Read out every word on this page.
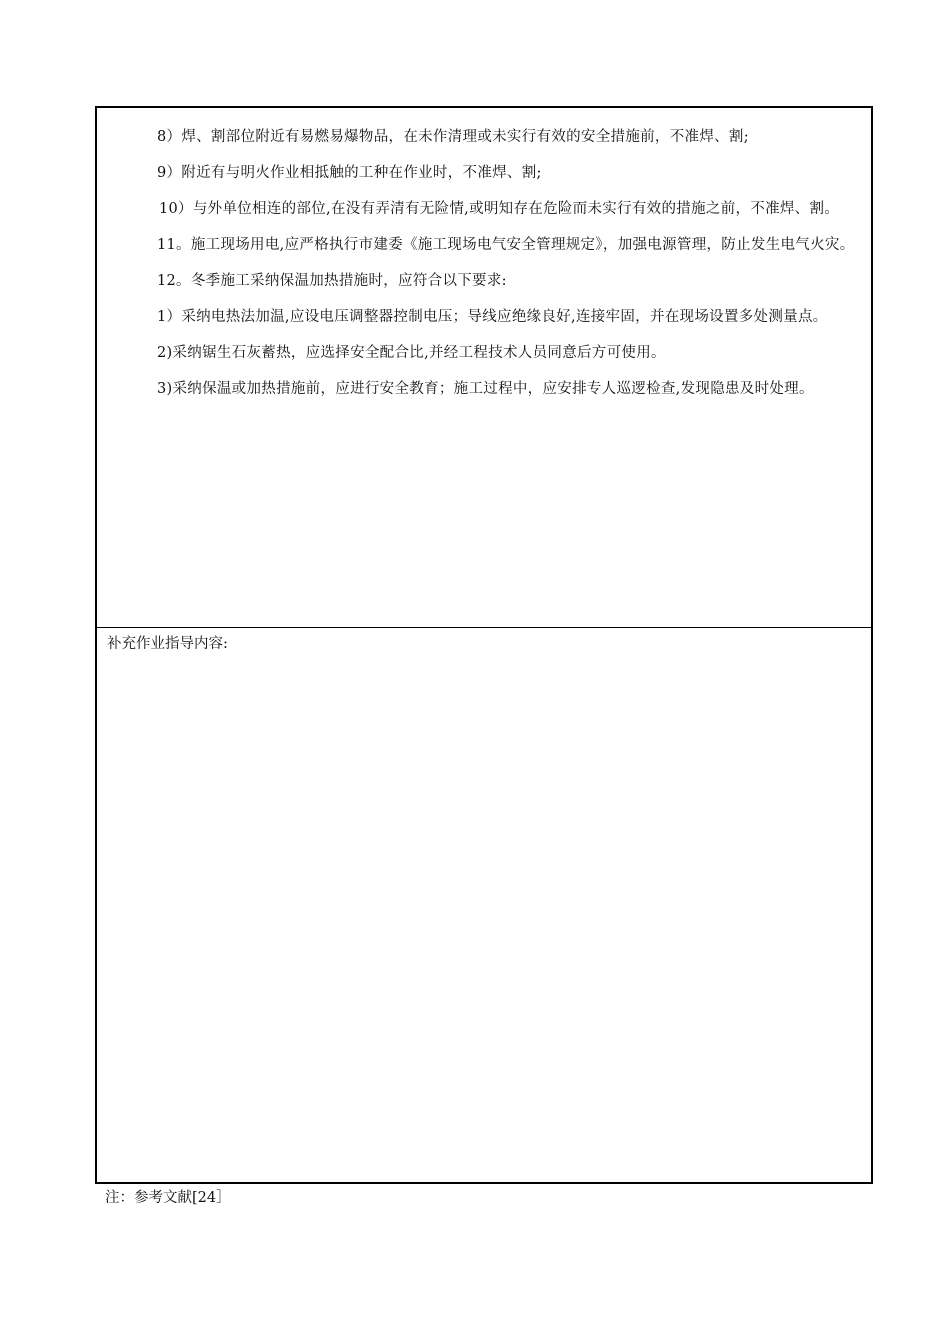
8）焊、割部位附近有易燃易爆物品，在未作清理或未实行有效的安全措施前，不准焊、割;

9）附近有与明火作业相抵触的工种在作业时，不准焊、割;

10）与外单位相连的部位,在没有弄清有无险情,或明知存在危险而未实行有效的措施之前，不准焊、割。

11。施工现场用电,应严格执行市建委《施工现场电气安全管理规定》，加强电源管理，防止发生电气火灾。

12。冬季施工采纳保温加热措施时，应符合以下要求:

1）采纳电热法加温,应设电压调整器控制电压；导线应绝缘良好,连接牢固，并在现场设置多处测量点。

2)采纳锯生石灰蓄热，应选择安全配合比,并经工程技术人员同意后方可使用。

3)采纳保温或加热措施前，应进行安全教育；施工过程中，应安排专人巡逻检查,发现隐患及时处理。

补充作业指导内容:

注：参考文献[24］
